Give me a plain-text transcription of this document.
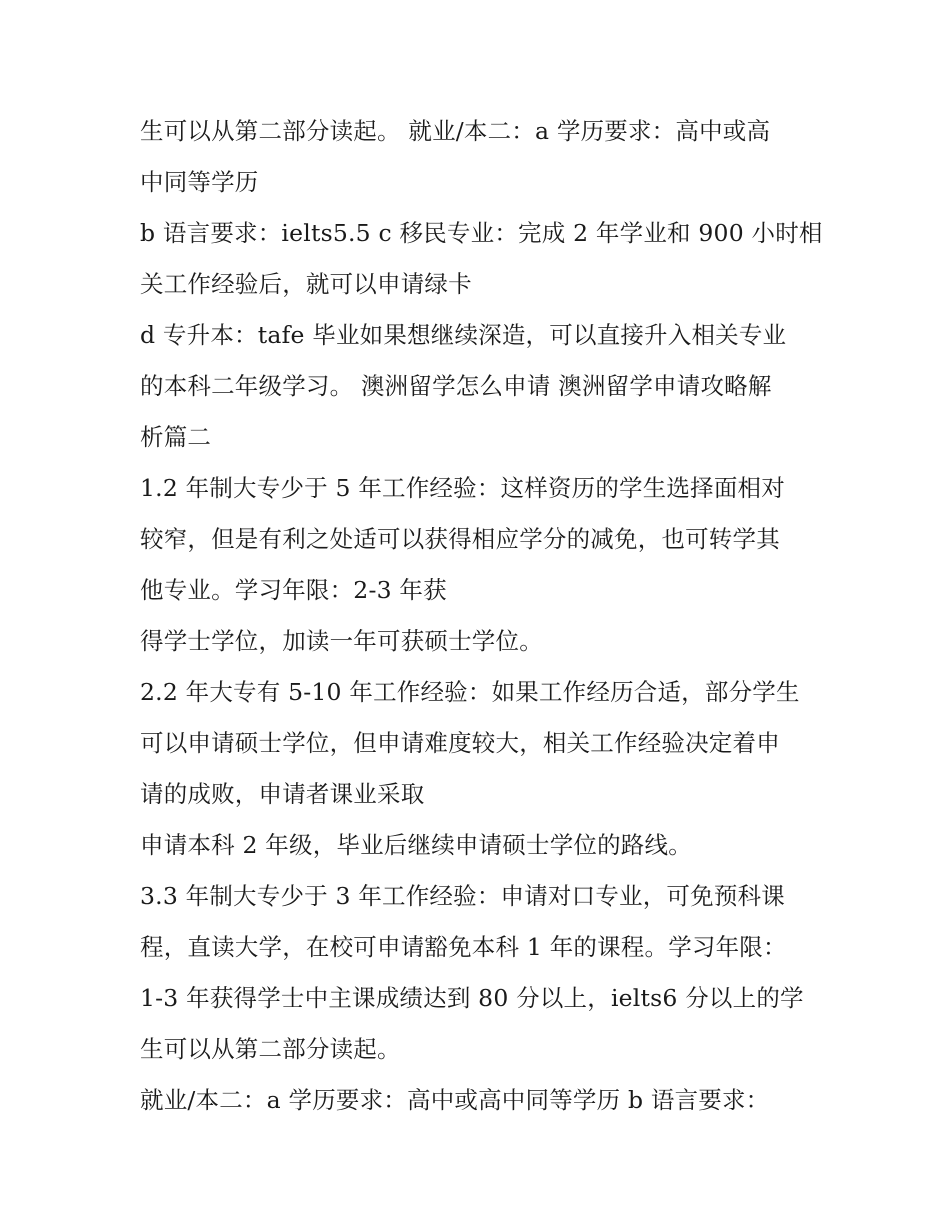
生可以从第二部分读起。 就业/本二：a 学历要求：高中或高
中同等学历
b 语言要求：ielts5.5 c 移民专业：完成 2 年学业和 900 小时相
关工作经验后，就可以申请绿卡
d 专升本：tafe 毕业如果想继续深造，可以直接升入相关专业
的本科二年级学习。 澳洲留学怎么申请 澳洲留学申请攻略解
析篇二
1.2 年制大专少于 5 年工作经验：这样资历的学生选择面相对
较窄，但是有利之处适可以获得相应学分的减免，也可转学其
他专业。学习年限：2-3 年获
得学士学位，加读一年可获硕士学位。
2.2 年大专有 5-10 年工作经验：如果工作经历合适，部分学生
可以申请硕士学位，但申请难度较大，相关工作经验决定着申
请的成败，申请者课业采取
申请本科 2 年级，毕业后继续申请硕士学位的路线。
3.3 年制大专少于 3 年工作经验：申请对口专业，可免预科课
程，直读大学，在校可申请豁免本科 1 年的课程。学习年限：
1-3 年获得学士中主课成绩达到 80 分以上，ielts6 分以上的学
生可以从第二部分读起。
就业/本二：a 学历要求：高中或高中同等学历 b 语言要求：
